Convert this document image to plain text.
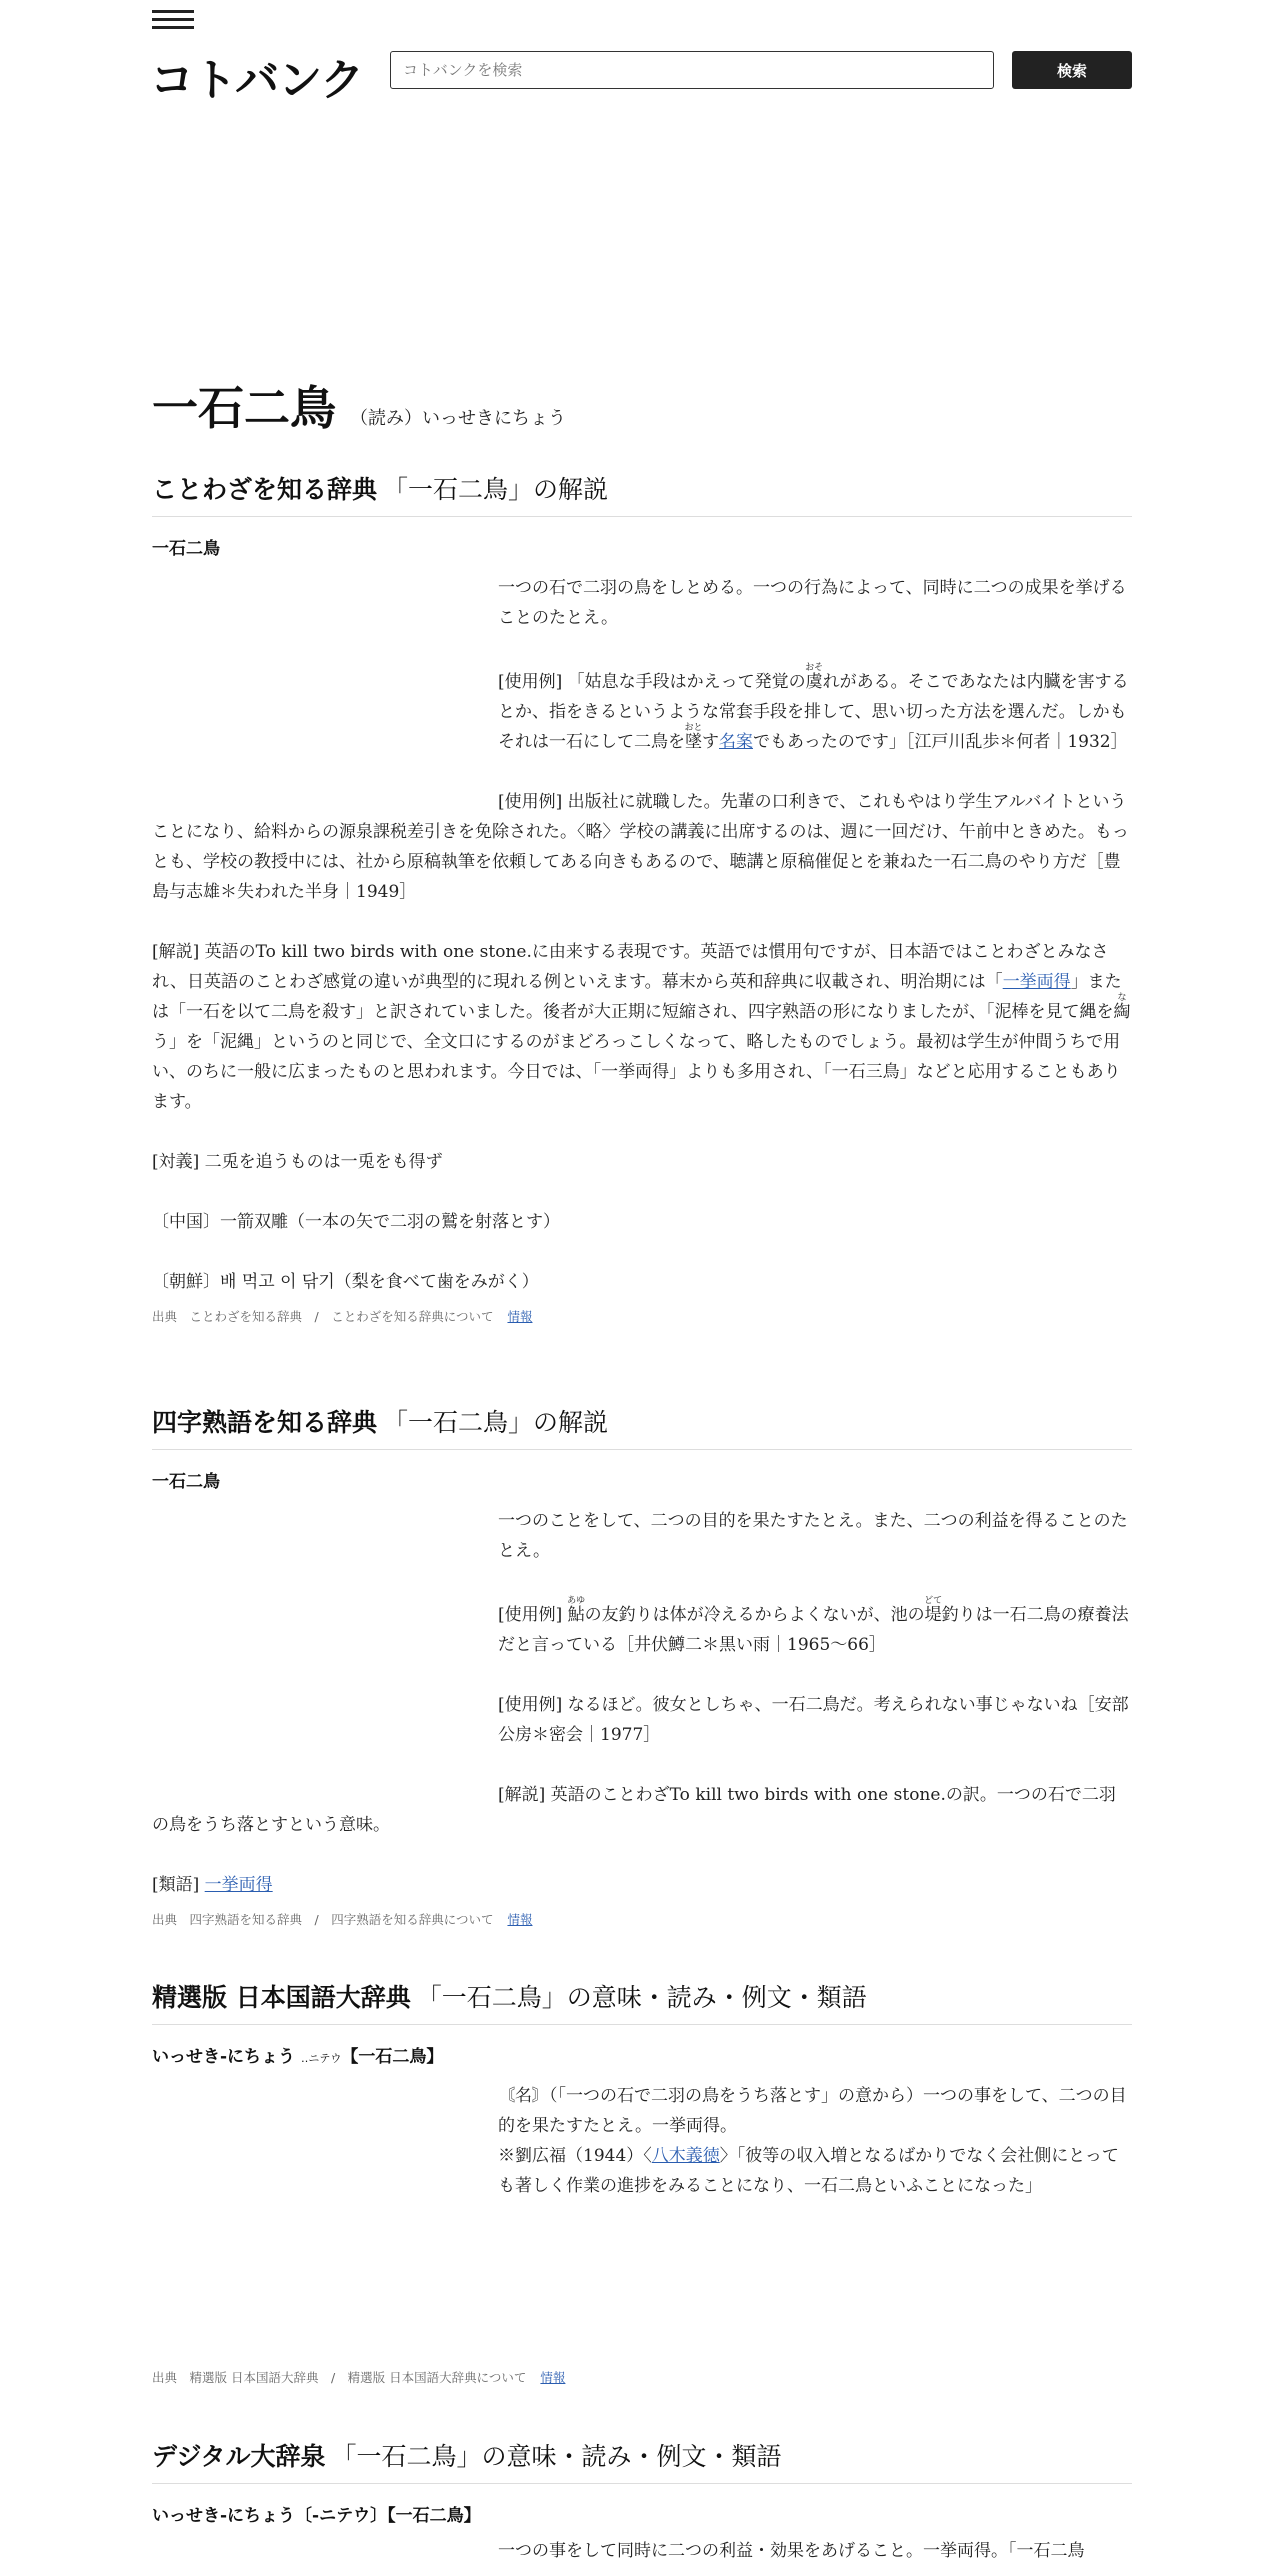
コトバンク
コトバンクを検索	検索
一石二鳥 （読み）いっせきにちょう
ことわざを知る辞典 「一石二鳥」の解説
一石二鳥

一つの石で二羽の鳥をしとめる。一つの行為によって、同時に二つの成果を挙げることのたとえ。

[使用例] 「姑息な手段はかえって発覚の虞おそれがある。そこであなたは内臓を害するとか、指をきるというような常套手段を排して、思い切った方法を選んだ。しかもそれは一石にして二鳥を墜おとす名案でもあったのです」［江戸川乱歩＊何者｜1932］

[使用例] 出版社に就職した。先輩の口利きで、これもやはり学生アルバイトということになり、給料からの源泉課税差引きを免除された。〈略〉学校の講義に出席するのは、週に一回だけ、午前中ときめた。もっとも、学校の教授中には、社から原稿執筆を依頼してある向きもあるので、聴講と原稿催促とを兼ねた一石二鳥のやり方だ［豊島与志雄＊失われた半身｜1949］

[解説] 英語のTo kill two birds with one stone.に由来する表現です。英語では慣用句ですが、日本語ではことわざとみなされ、日英語のことわざ感覚の違いが典型的に現れる例といえます。幕末から英和辞典に収載され、明治期には「一挙両得」または「一石を以て二鳥を殺す」と訳されていました。後者が大正期に短縮され、四字熟語の形になりましたが、「泥棒を見て縄を綯なう」を「泥縄」というのと同じで、全文口にするのがまどろっこしくなって、略したものでしょう。最初は学生が仲間うちで用い、のちに一般に広まったものと思われます。今日では、「一挙両得」よりも多用され、「一石三鳥」などと応用することもあります。

[対義] 二兎を追うものは一兎をも得ず

〔中国〕一箭双雕（一本の矢で二羽の鷲を射落とす）

〔朝鮮〕배 먹고 이 닦기（梨を食べて歯をみがく）

出典　ことわざを知る辞典　/　ことわざを知る辞典について 情報
四字熟語を知る辞典 「一石二鳥」の解説
一石二鳥

一つのことをして、二つの目的を果たすたとえ。また、二つの利益を得ることのたとえ。

[使用例] 鮎あゆの友釣りは体が冷えるからよくないが、池の堤どて釣りは一石二鳥の療養法だと言っている［井伏鱒二＊黒い雨｜1965～66］

[使用例] なるほど。彼女としちゃ、一石二鳥だ。考えられない事じゃないね［安部公房＊密会｜1977］

[解説] 英語のことわざTo kill two birds with one stone.の訳。一つの石で二羽の鳥をうち落とすという意味。

[類語] 一挙両得

出典　四字熟語を知る辞典　/　四字熟語を知る辞典について 情報
精選版 日本国語大辞典 「一石二鳥」の意味・読み・例文・類語
いっせき‐にちょう ‥ニテウ【一石二鳥】

〘名〙（「一つの石で二羽の鳥をうち落とす」の意から）一つの事をして、二つの目的を果たすたとえ。一挙両得。

※劉広福（1944）〈八木義徳〉「彼等の収入増となるばかりでなく会社側にとっても著しく作業の進捗をみることになり、一石二鳥といふことになった」

出典　精選版 日本国語大辞典　/　精選版 日本国語大辞典について 情報
デジタル大辞泉 「一石二鳥」の意味・読み・例文・類語
いっせき‐にちょう〔‐ニテウ〕【一石二鳥】

一つの事をして同時に二つの利益・効果をあげること。一挙両得。「一石二鳥
